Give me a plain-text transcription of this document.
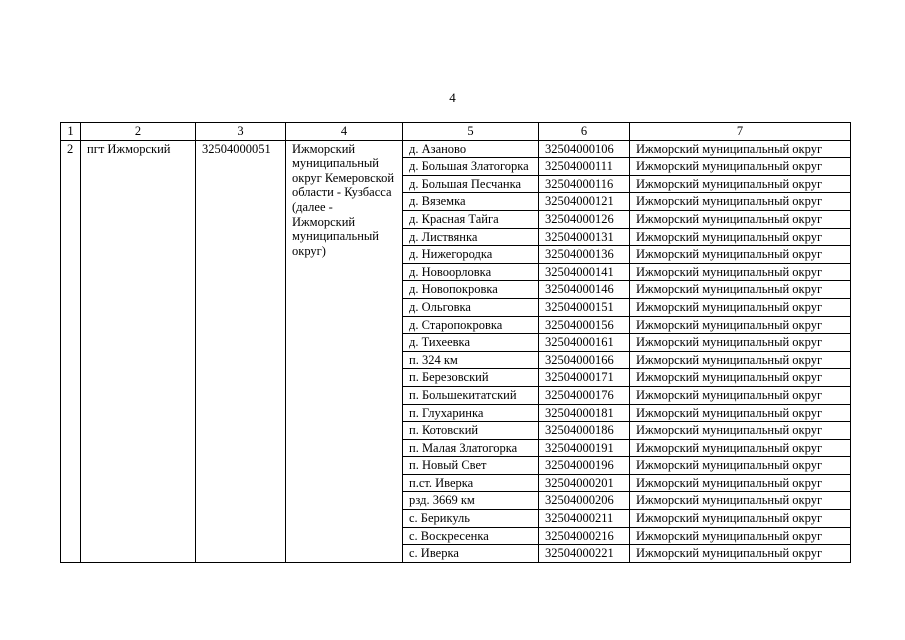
4
1	2	3	4	5	6	7
2	пгт Ижморский	32504000051	Ижморский муниципальный округ Кемеровской области - Кузбасса (далее - Ижморский муниципальный округ)	д. Азаново	32504000106	Ижморский муниципальный округ
				д. Большая Златогорка	32504000111	Ижморский муниципальный округ
				д. Большая Песчанка	32504000116	Ижморский муниципальный округ
				д. Вяземка	32504000121	Ижморский муниципальный округ
				д. Красная Тайга	32504000126	Ижморский муниципальный округ
				д. Листвянка	32504000131	Ижморский муниципальный округ
				д. Нижегородка	32504000136	Ижморский муниципальный округ
				д. Новоорловка	32504000141	Ижморский муниципальный округ
				д. Новопокровка	32504000146	Ижморский муниципальный округ
				д. Ольговка	32504000151	Ижморский муниципальный округ
				д. Старопокровка	32504000156	Ижморский муниципальный округ
				д. Тихеевка	32504000161	Ижморский муниципальный округ
				п. 324 км	32504000166	Ижморский муниципальный округ
				п. Березовский	32504000171	Ижморский муниципальный округ
				п. Большекитатский	32504000176	Ижморский муниципальный округ
				п. Глухаринка	32504000181	Ижморский муниципальный округ
				п. Котовский	32504000186	Ижморский муниципальный округ
				п. Малая Златогорка	32504000191	Ижморский муниципальный округ
				п. Новый Свет	32504000196	Ижморский муниципальный округ
				п.ст. Иверка	32504000201	Ижморский муниципальный округ
				рзд. 3669 км	32504000206	Ижморский муниципальный округ
				с. Берикуль	32504000211	Ижморский муниципальный округ
				с. Воскресенка	32504000216	Ижморский муниципальный округ
				с. Иверка	32504000221	Ижморский муниципальный округ
